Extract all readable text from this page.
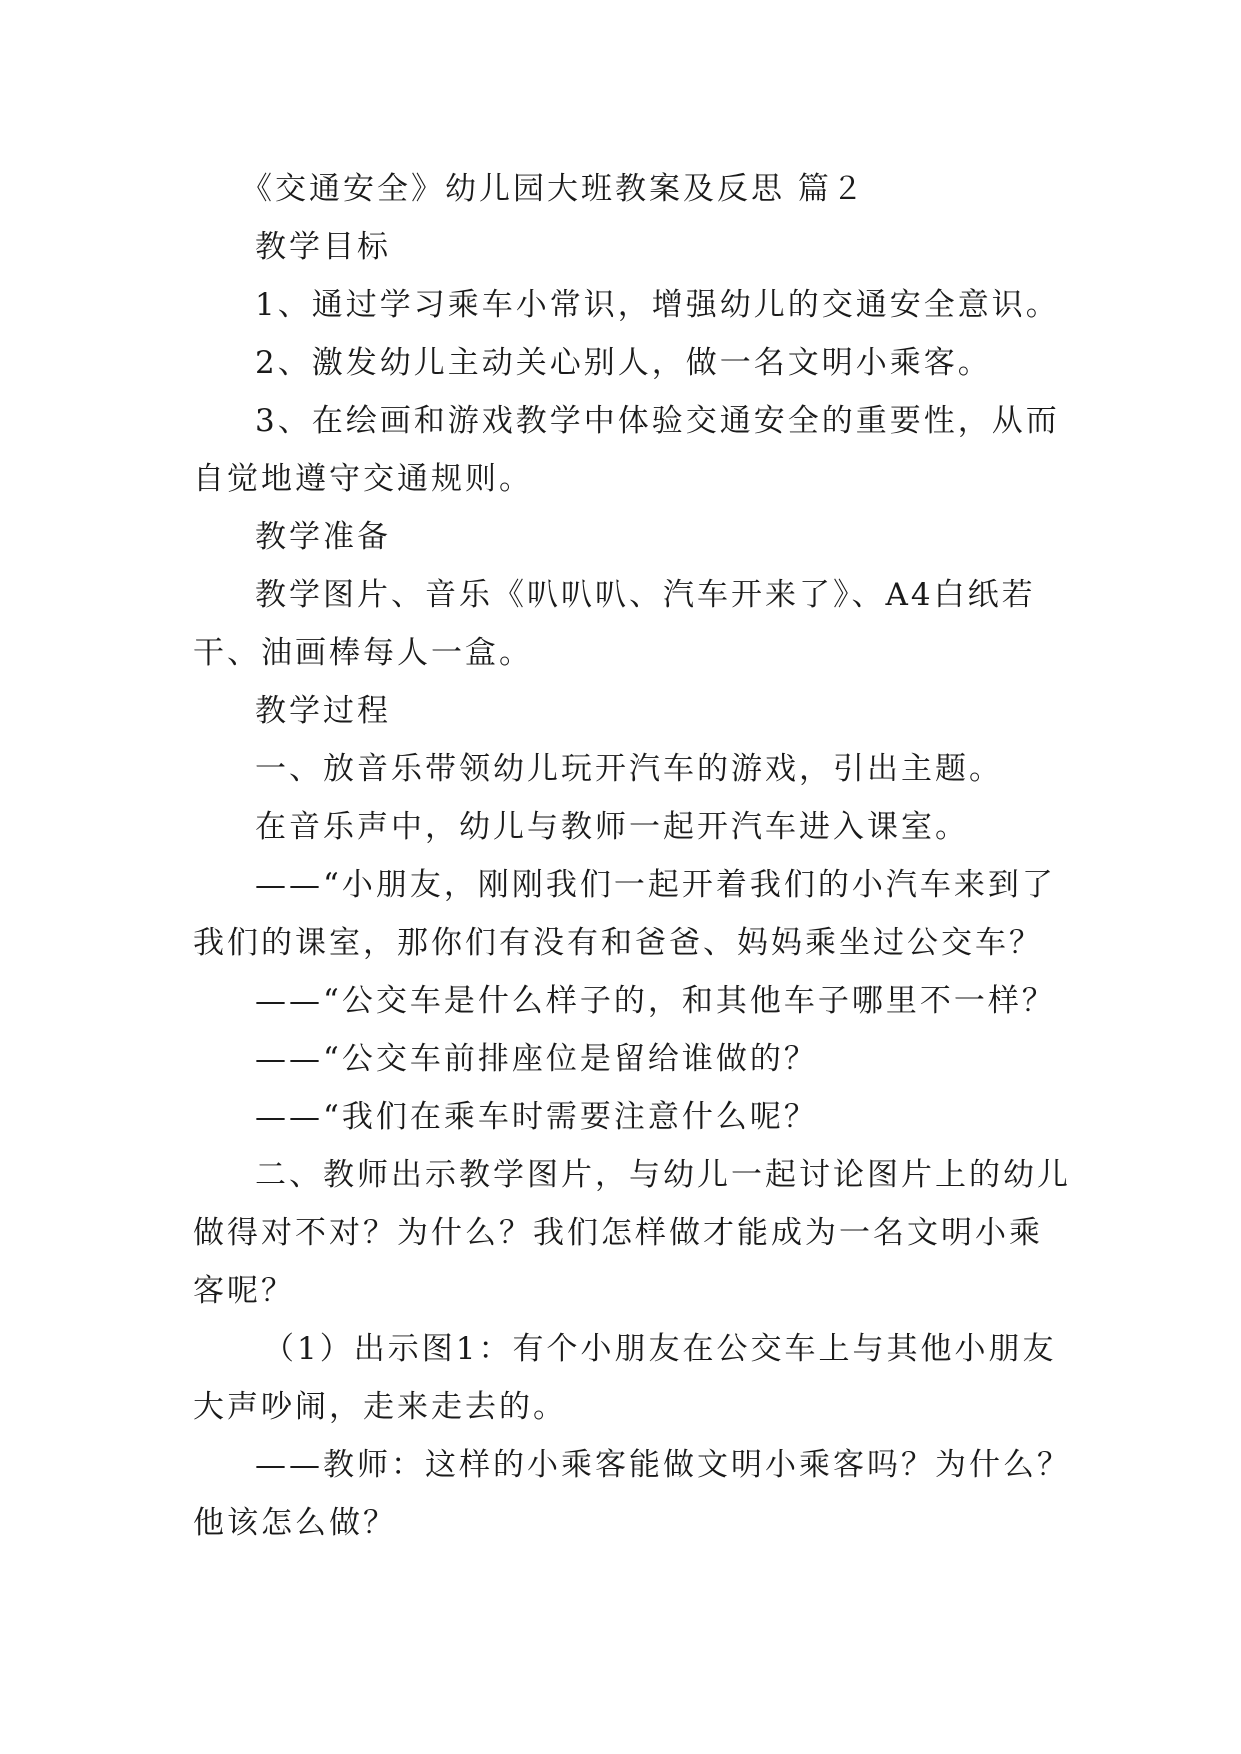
《交通安全》幼儿园大班教案及反思 篇２

教学目标

1、通过学习乘车小常识，增强幼儿的交通安全意识。

2、激发幼儿主动关心别人，做一名文明小乘客。

3、在绘画和游戏教学中体验交通安全的重要性，从而自觉地遵守交通规则。

教学准备

教学图片、音乐《叭叭叭、汽车开来了》、A4白纸若干、油画棒每人一盒。

教学过程

一、放音乐带领幼儿玩开汽车的游戏，引出主题。

在音乐声中，幼儿与教师一起开汽车进入课室。

——“小朋友，刚刚我们一起开着我们的小汽车来到了我们的课室，那你们有没有和爸爸、妈妈乘坐过公交车？

——“公交车是什么样子的，和其他车子哪里不一样？

——“公交车前排座位是留给谁做的？

——“我们在乘车时需要注意什么呢？

二、教师出示教学图片，与幼儿一起讨论图片上的幼儿做得对不对？为什么？我们怎样做才能成为一名文明小乘客呢？

（1）出示图1：有个小朋友在公交车上与其他小朋友大声吵闹，走来走去的。

——教师：这样的小乘客能做文明小乘客吗？为什么？他该怎么做？
